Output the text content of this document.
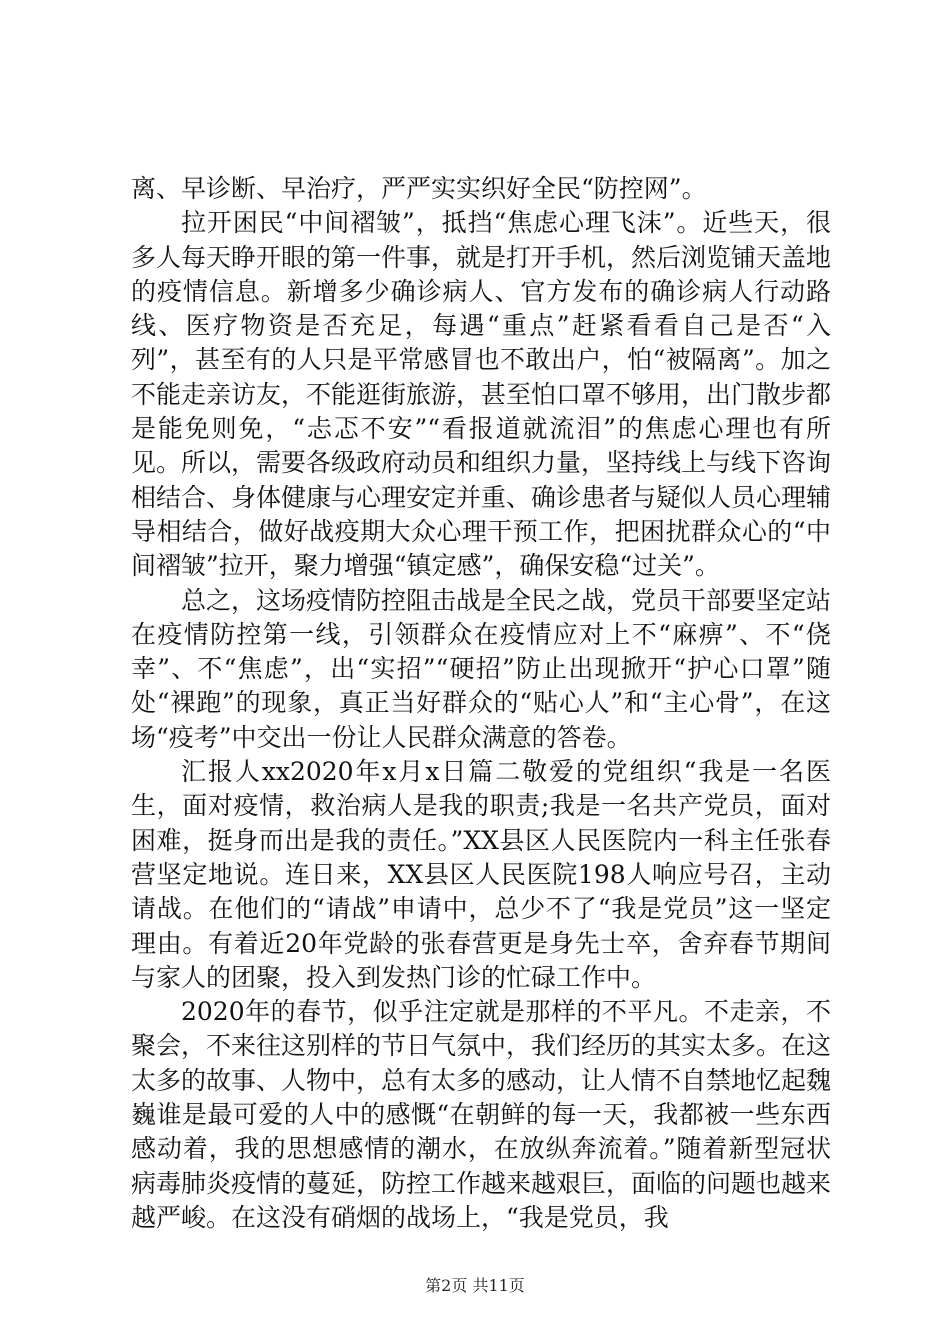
离、早诊断、早治疗，严严实实织好全民“防控网”。

拉开困民“中间褶皱”，抵挡“焦虑心理飞沫”。近些天，很多人每天睁开眼的第一件事，就是打开手机，然后浏览铺天盖地的疫情信息。新增多少确诊病人、官方发布的确诊病人行动路线、医疗物资是否充足，每遇“重点”赶紧看看自己是否“入列”，甚至有的人只是平常感冒也不敢出户，怕“被隔离”。加之不能走亲访友，不能逛街旅游，甚至怕口罩不够用，出门散步都是能免则免，“忐忑不安”“看报道就流泪”的焦虑心理也有所见。所以，需要各级政府动员和组织力量，坚持线上与线下咨询相结合、身体健康与心理安定并重、确诊患者与疑似人员心理辅导相结合，做好战疫期大众心理干预工作，把困扰群众心的“中间褶皱”拉开，聚力增强“镇定感”，确保安稳“过关”。

总之，这场疫情防控阻击战是全民之战，党员干部要坚定站在疫情防控第一线，引领群众在疫情应对上不“麻痹”、不“侥幸”、不“焦虑”，出“实招”“硬招”防止出现掀开“护心口罩”随处“裸跑”的现象，真正当好群众的“贴心人”和“主心骨”，在这场“疫考”中交出一份让人民群众满意的答卷。

汇报人xx2020年x月x日篇二敬爱的党组织“我是一名医生，面对疫情，救治病人是我的职责;我是一名共产党员，面对困难，挺身而出是我的责任。”XX县区人民医院内一科主任张春营坚定地说。连日来，XX县区人民医院198人响应号召，主动请战。在他们的“请战”申请中，总少不了“我是党员”这一坚定理由。有着近20年党龄的张春营更是身先士卒，舍弃春节期间与家人的团聚，投入到发热门诊的忙碌工作中。

2020年的春节，似乎注定就是那样的不平凡。不走亲，不聚会，不来往这别样的节日气氛中，我们经历的其实太多。在这太多的故事、人物中，总有太多的感动，让人情不自禁地忆起魏巍谁是最可爱的人中的感慨“在朝鲜的每一天，我都被一些东西感动着，我的思想感情的潮水，在放纵奔流着。”随着新型冠状病毒肺炎疫情的蔓延，防控工作越来越艰巨，面临的问题也越来越严峻。在这没有硝烟的战场上，“我是党员，我

第2页 共11页
